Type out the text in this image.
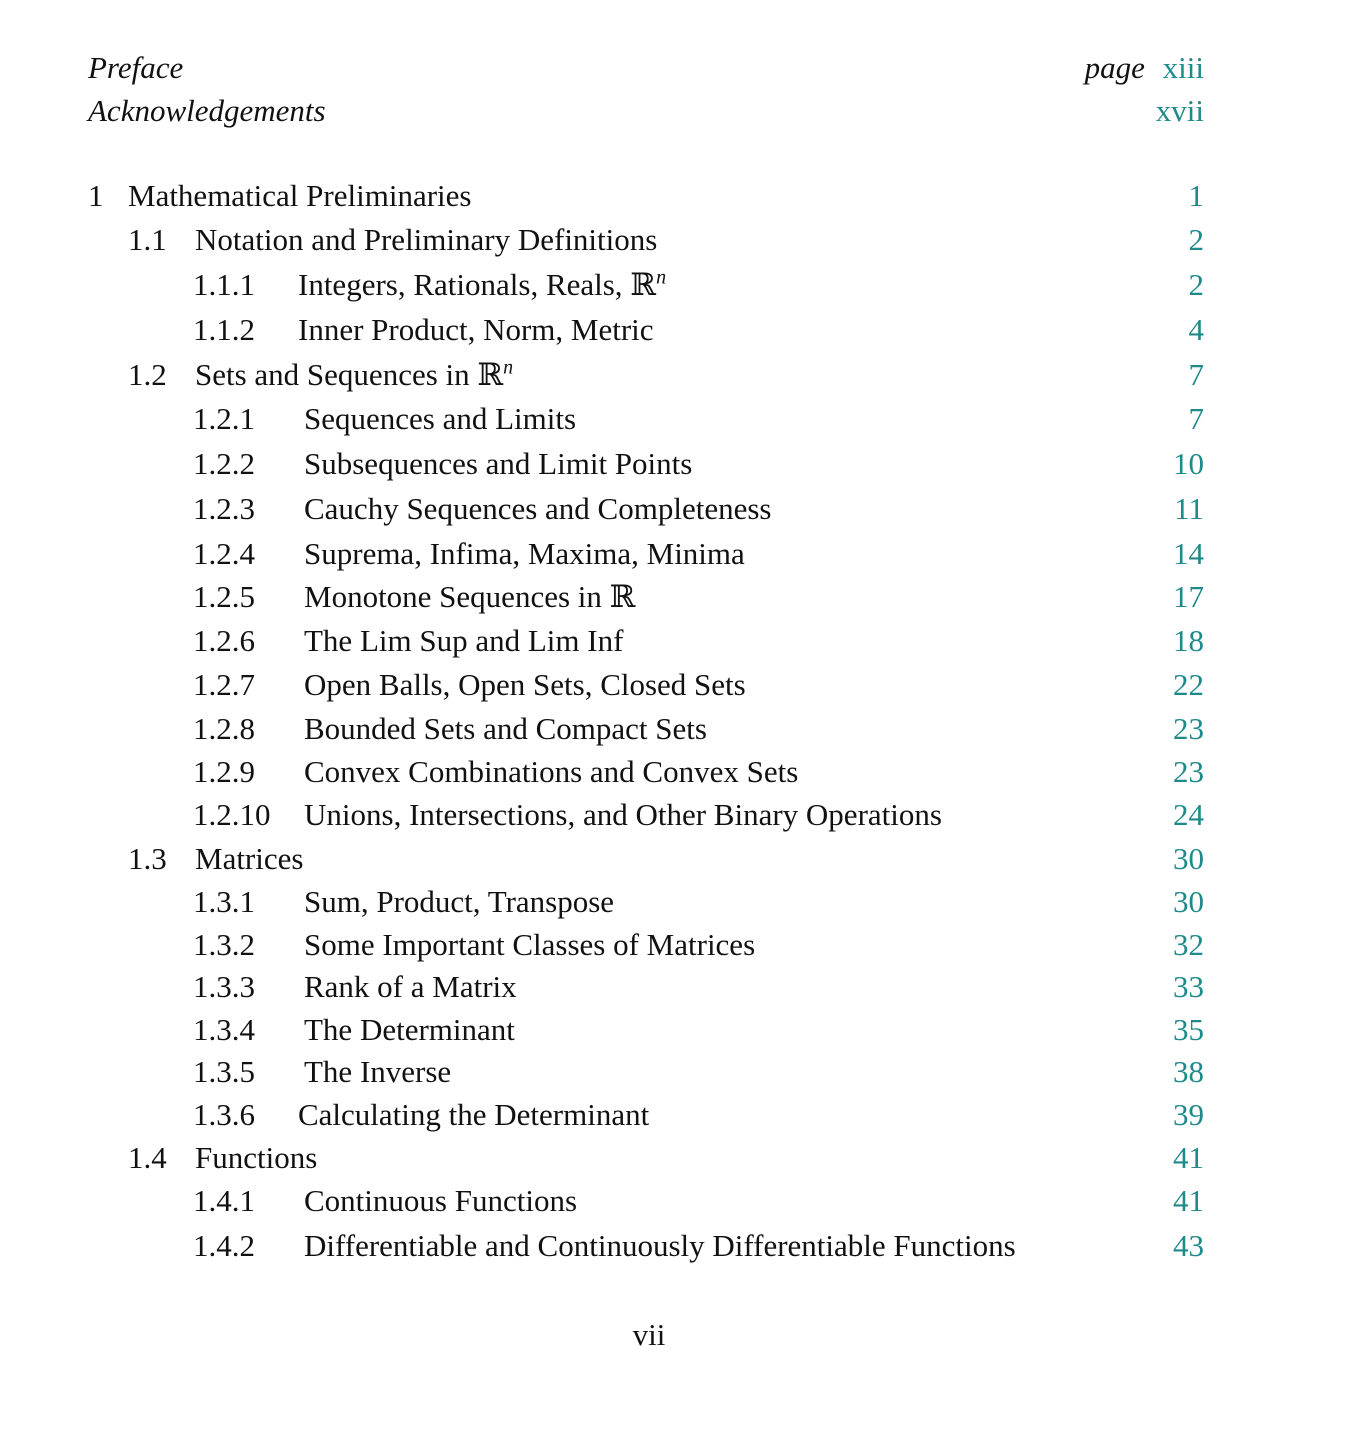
Preface	page xiii
Acknowledgements	xvii
1 Mathematical Preliminaries	1
1.1 Notation and Preliminary Definitions	2
1.1.1 Integers, Rationals, Reals, ℝ$^n$	2
1.1.2 Inner Product, Norm, Metric	4
1.2 Sets and Sequences in ℝ$^n$	7
1.2.1 Sequences and Limits	7
1.2.2 Subsequences and Limit Points	10
1.2.3 Cauchy Sequences and Completeness	11
1.2.4 Suprema, Infima, Maxima, Minima	14
1.2.5 Monotone Sequences in ℝ	17
1.2.6 The Lim Sup and Lim Inf	18
1.2.7 Open Balls, Open Sets, Closed Sets	22
1.2.8 Bounded Sets and Compact Sets	23
1.2.9 Convex Combinations and Convex Sets	23
1.2.10 Unions, Intersections, and Other Binary Operations	24
1.3 Matrices	30
1.3.1 Sum, Product, Transpose	30
1.3.2 Some Important Classes of Matrices	32
1.3.3 Rank of a Matrix	33
1.3.4 The Determinant	35
1.3.5 The Inverse	38
1.3.6 Calculating the Determinant	39
1.4 Functions	41
1.4.1 Continuous Functions	41
1.4.2 Differentiable and Continuously Differentiable Functions	43
vii
